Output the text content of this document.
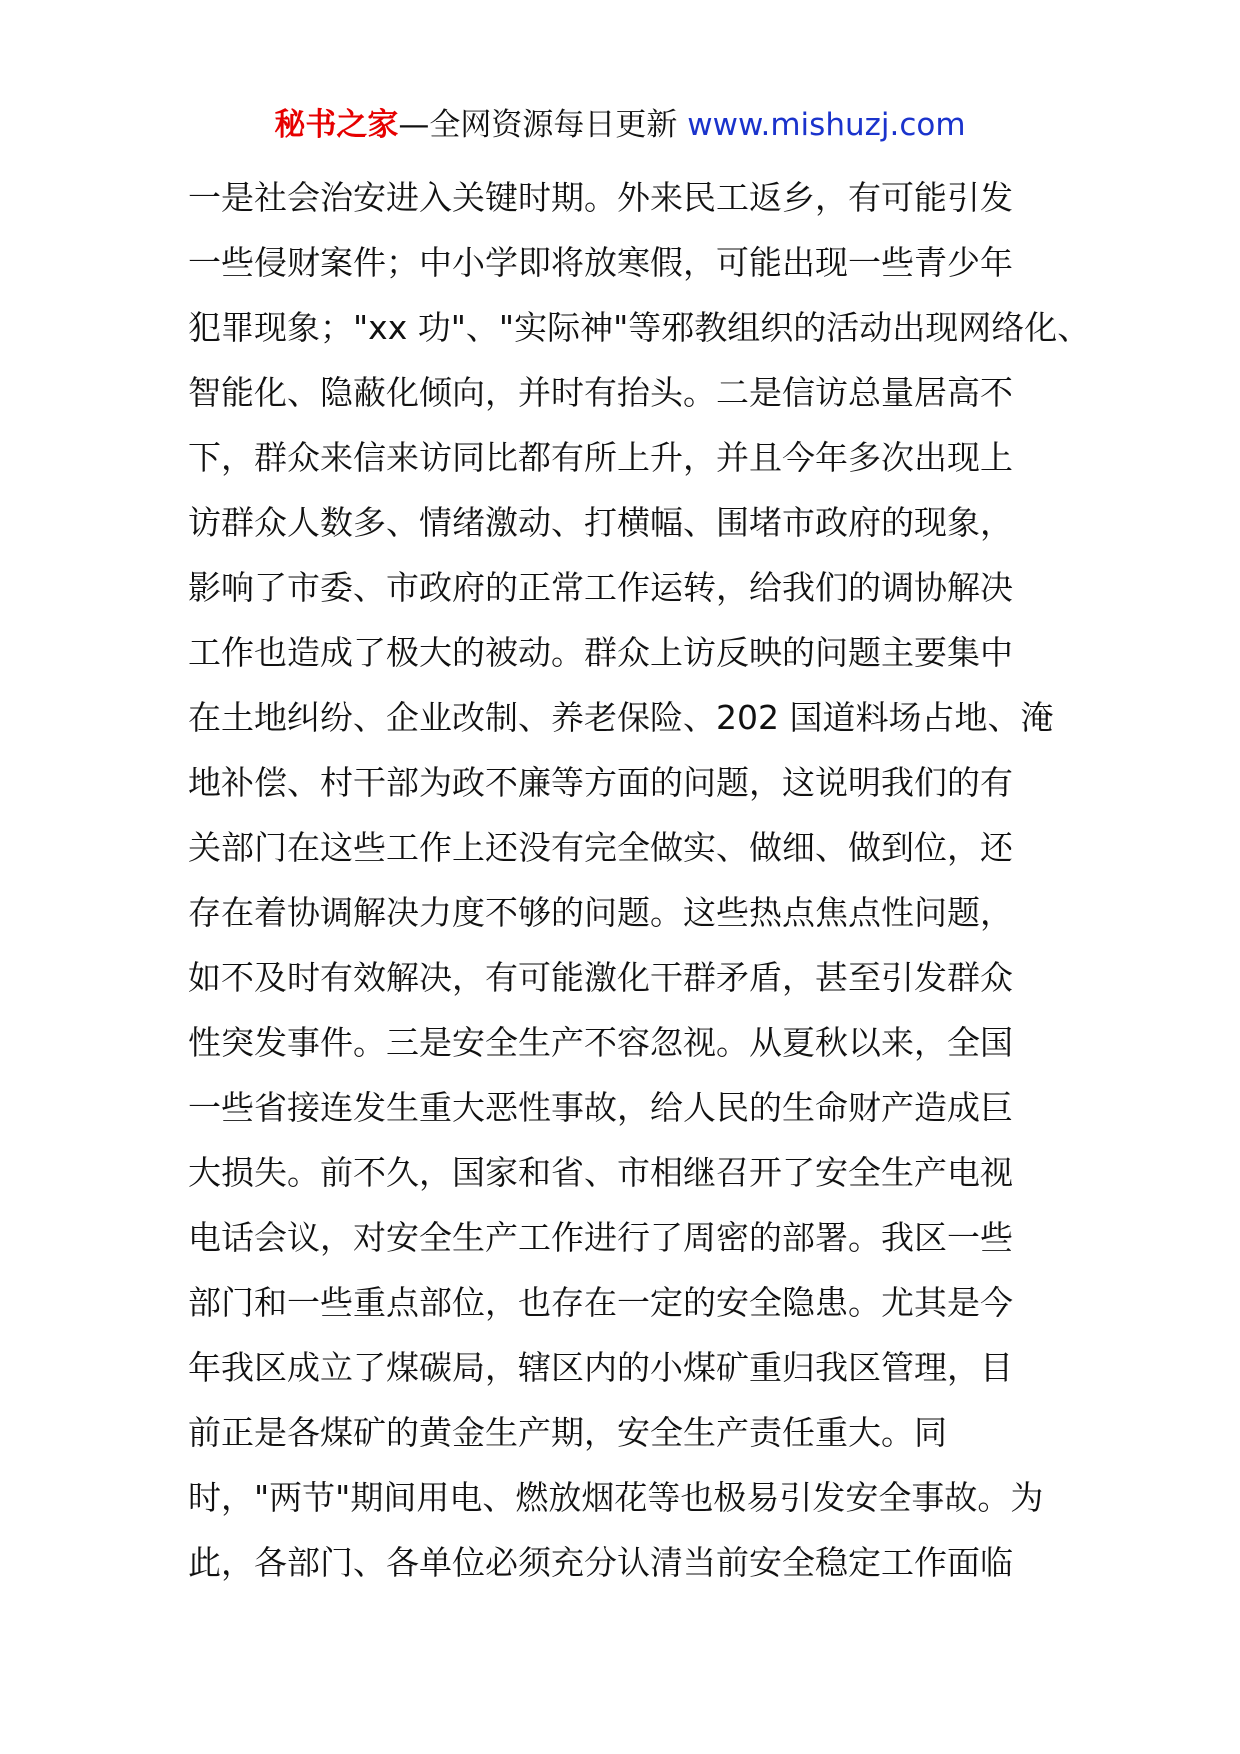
秘书之家—全网资源每日更新 www.mishuzj.com
一是社会治安进入关键时期。外来民工返乡，有可能引发
一些侵财案件；中小学即将放寒假，可能出现一些青少年
犯罪现象；"xx 功"、"实际神"等邪教组织的活动出现网络化、
智能化、隐蔽化倾向，并时有抬头。二是信访总量居高不
下，群众来信来访同比都有所上升，并且今年多次出现上
访群众人数多、情绪激动、打横幅、围堵市政府的现象，
影响了市委、市政府的正常工作运转，给我们的调协解决
工作也造成了极大的被动。群众上访反映的问题主要集中
在土地纠纷、企业改制、养老保险、202 国道料场占地、淹
地补偿、村干部为政不廉等方面的问题，这说明我们的有
关部门在这些工作上还没有完全做实、做细、做到位，还
存在着协调解决力度不够的问题。这些热点焦点性问题，
如不及时有效解决，有可能激化干群矛盾，甚至引发群众
性突发事件。三是安全生产不容忽视。从夏秋以来，全国
一些省接连发生重大恶性事故，给人民的生命财产造成巨
大损失。前不久，国家和省、市相继召开了安全生产电视
电话会议，对安全生产工作进行了周密的部署。我区一些
部门和一些重点部位，也存在一定的安全隐患。尤其是今
年我区成立了煤碳局，辖区内的小煤矿重归我区管理，目
前正是各煤矿的黄金生产期，安全生产责任重大。同
时，"两节"期间用电、燃放烟花等也极易引发安全事故。为
此，各部门、各单位必须充分认清当前安全稳定工作面临
